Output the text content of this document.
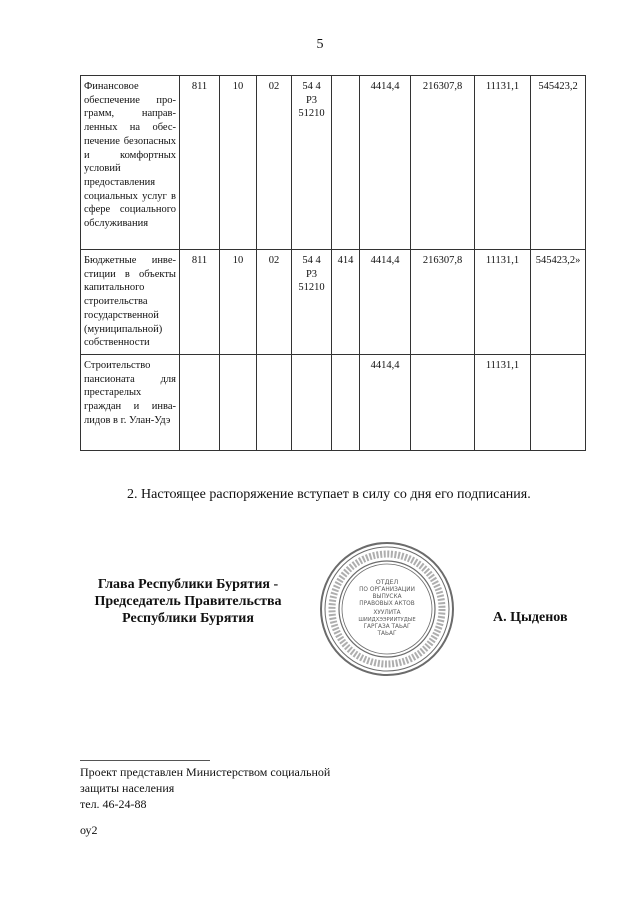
5
Финансовое обеспечение программ, направленных на обеспечение безопасных и комфортных условий предоставления социальных услуг в сфере социального обслуживания	811	10	02	54 4
Р3
51210		4414,4	216307,8	11131,1	545423,2
Бюджетные инвестиции в объекты капитального строительства государственной (муниципальной) собственности	811	10	02	54 4
Р3
51210	414	4414,4	216307,8	11131,1	545423,2»
Строительство пансионата для престарелых граждан и инвалидов в г. Улан-Удэ						4414,4		11131,1	
2. Настоящее распоряжение вступает в силу со дня его подписания.
Глава Республики Бурятия -
Председатель Правительства
Республики Бурятия
ОТДЕЛ
ПО ОРГАНИЗАЦИИ
ВЫПУСКА
ПРАВОВЫХ АКТОВ
ХУУЛИТА
ШИИДХЭЭРИИТУДЫЕ
ГАРГАЗА ТАЬАГ
ТАЬАГ
А. Цыденов
Проект представлен Министерством социальной
защиты населения
тел. 46-24-88
оу2
